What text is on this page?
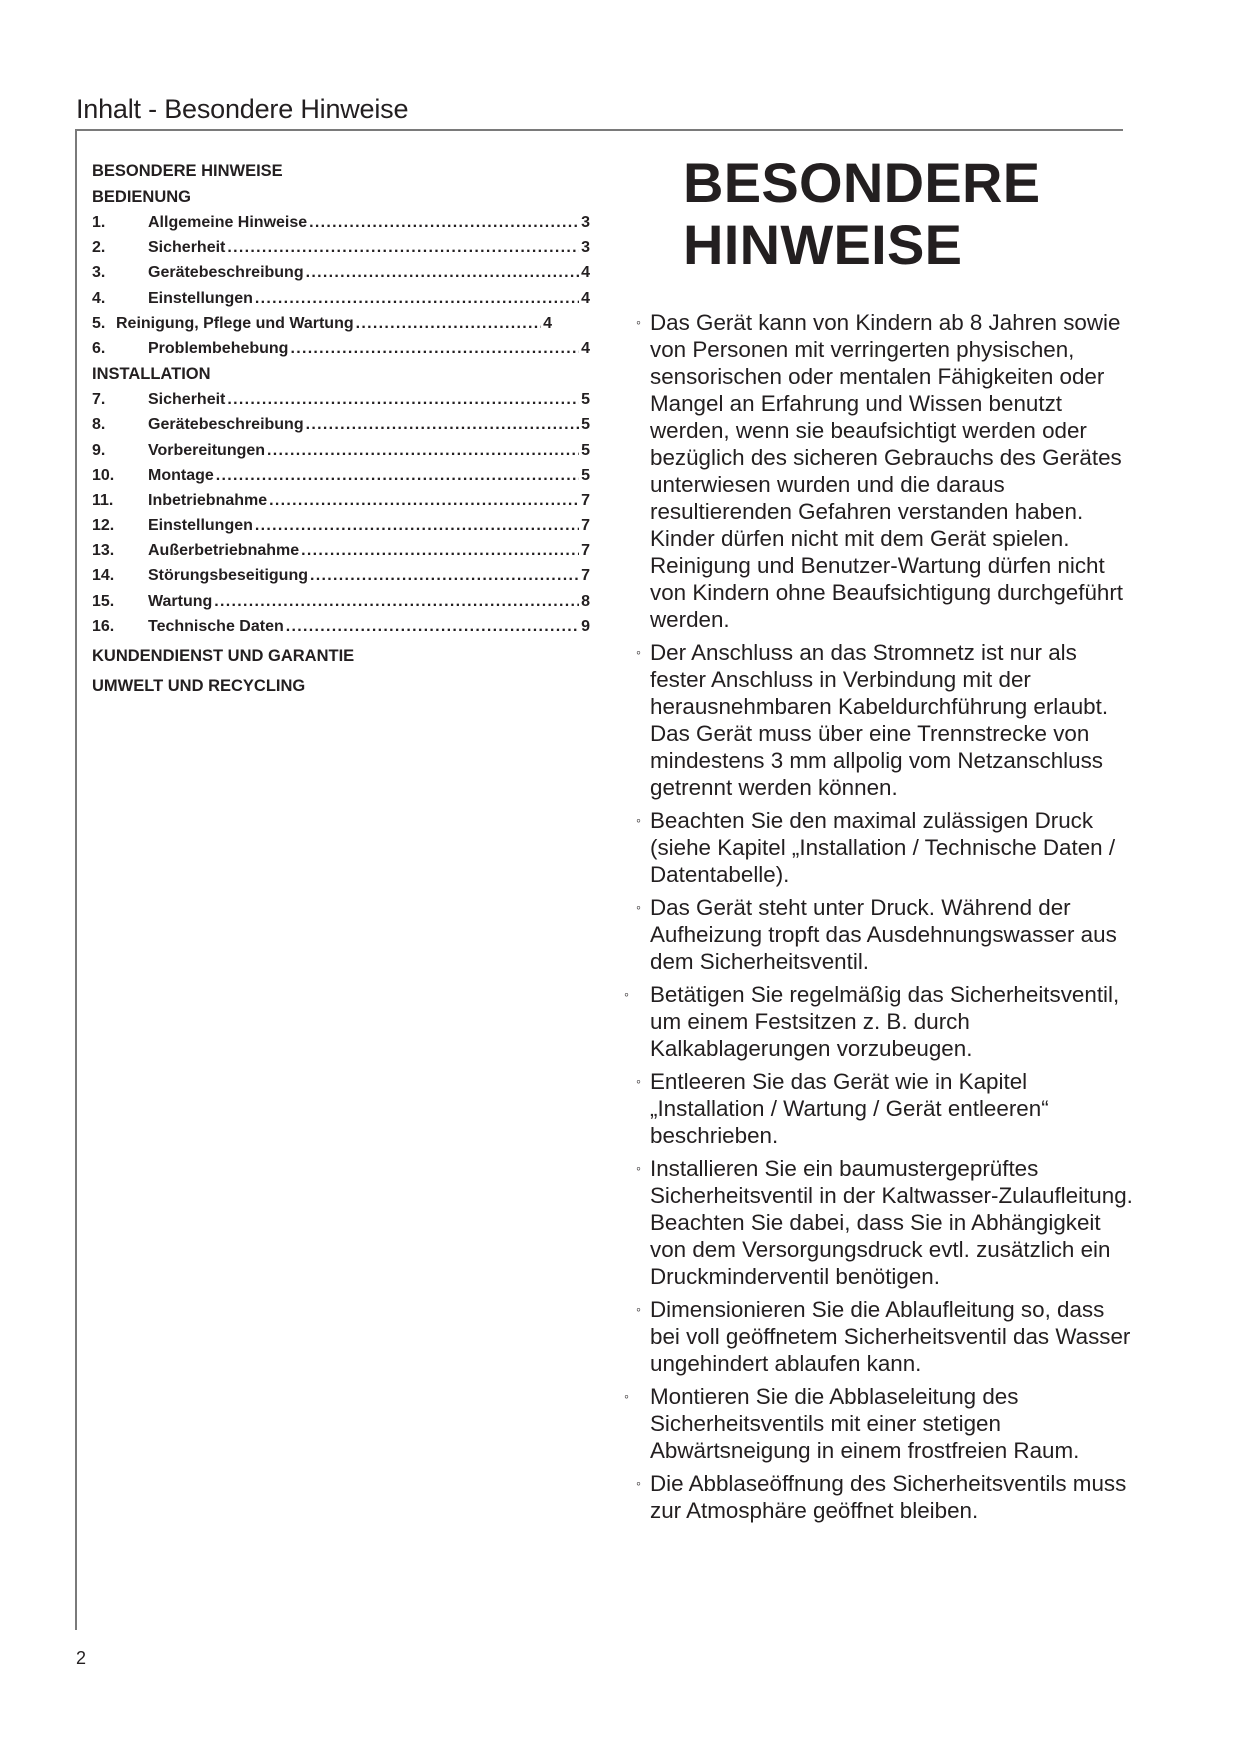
Inhalt - Besondere Hinweise
BESONDERE HINWEISE
BEDIENUNG
1.	Allgemeine Hinweise .....	3
2.	Sicherheit .....	3
3.	Gerätebeschreibung .....	4
4.	Einstellungen .....	4
5. Reinigung, Pflege und Wartung .....	4
6.	Problembehebung .....	4
INSTALLATION
7.	Sicherheit .....	5
8.	Gerätebeschreibung .....	5
9.	Vorbereitungen .....	5
10.	Montage .....	5
11.	Inbetriebnahme .....	7
12.	Einstellungen .....	7
13.	Außerbetriebnahme .....	7
14.	Störungsbeseitigung .....	7
15.	Wartung .....	8
16.	Technische Daten .....	9
KUNDENDIENST UND GARANTIE
UMWELT UND RECYCLING
BESONDERE
HINWEISE
◦ Das Gerät kann von Kindern ab 8 Jahren sowie von Personen mit verringerten physischen, sensorischen oder mentalen Fähigkeiten oder Mangel an Erfahrung und Wissen benutzt werden, wenn sie beaufsichtigt werden oder bezüglich des sicheren Gebrauchs des Gerätes unterwiesen wurden und die daraus resultierenden Gefahren verstanden haben. Kinder dürfen nicht mit dem Gerät spielen. Reinigung und Benutzer-Wartung dürfen nicht von Kindern ohne Beaufsichtigung durchgeführt werden.
◦ Der Anschluss an das Stromnetz ist nur als fester Anschluss in Verbindung mit der herausnehmbaren Kabeldurchführung erlaubt. Das Gerät muss über eine Trennstrecke von mindestens 3 mm allpolig vom Netzanschluss getrennt werden können.
◦ Beachten Sie den maximal zulässigen Druck (siehe Kapitel „Installation / Technische Daten / Datentabelle).
◦ Das Gerät steht unter Druck. Während der Aufheizung tropft das Ausdehnungswasser aus dem Sicherheitsventil.
◦ Betätigen Sie regelmäßig das Sicherheitsventil, um einem Festsitzen z. B. durch Kalkablagerungen vorzubeugen.
◦ Entleeren Sie das Gerät wie in Kapitel „Installation / Wartung / Gerät entleeren“ beschrieben.
◦ Installieren Sie ein baumustergeprüftes Sicherheitsventil in der Kaltwasser-Zulaufleitung. Beachten Sie dabei, dass Sie in Abhängigkeit von dem Versorgungsdruck evtl. zusätzlich ein Druckminderventil benötigen.
◦ Dimensionieren Sie die Ablaufleitung so, dass bei voll geöffnetem Sicherheitsventil das Wasser ungehindert ablaufen kann.
◦ Montieren Sie die Abblaseleitung des Sicherheitsventils mit einer stetigen Abwärtsneigung in einem frostfreien Raum.
◦ Die Abblaseöffnung des Sicherheitsventils muss zur Atmosphäre geöffnet bleiben.
2
